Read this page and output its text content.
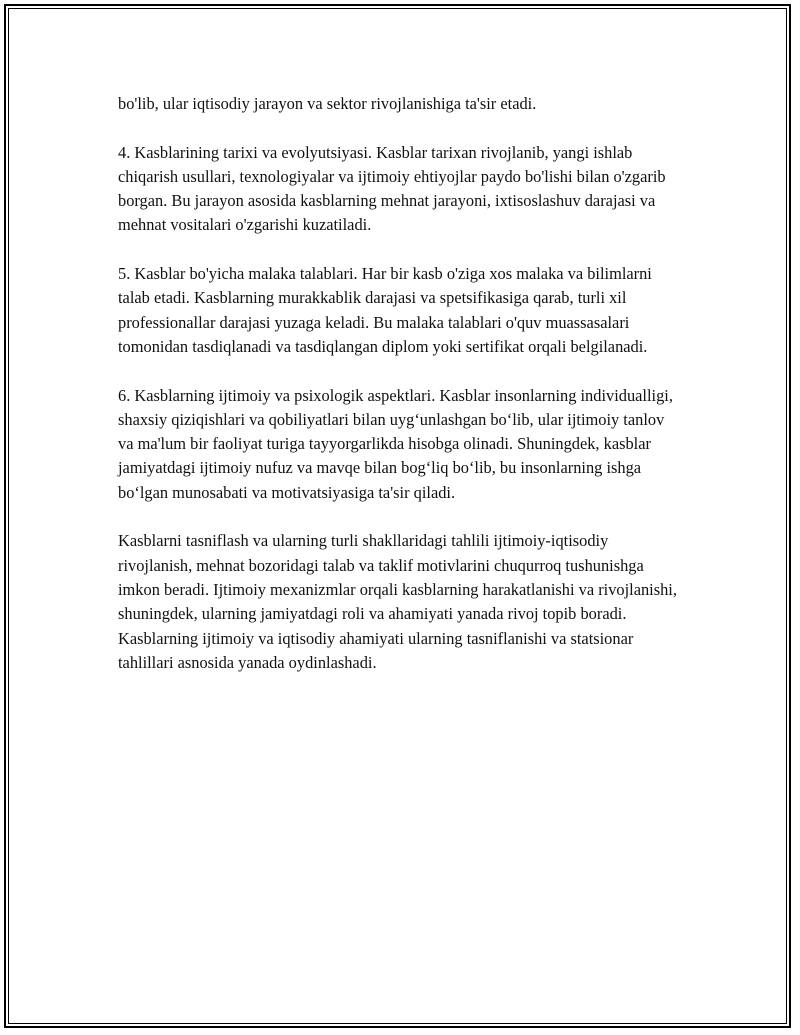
bo'lib, ular iqtisodiy jarayon va sektor rivojlanishiga ta'sir etadi.

4. Kasblarining tarixi va evolyutsiyasi. Kasblar tarixan rivojlanib, yangi ishlab chiqarish usullari, texnologiyalar va ijtimoiy ehtiyojlar paydo bo'lishi bilan o'zgarib borgan. Bu jarayon asosida kasblarning mehnat jarayoni, ixtisoslashuv darajasi va mehnat vositalari o'zgarishi kuzatiladi.

5. Kasblar bo'yicha malaka talablari. Har bir kasb o'ziga xos malaka va bilimlarni talab etadi. Kasblarning murakkablik darajasi va spetsifikasiga qarab, turli xil professionallar darajasi yuzaga keladi. Bu malaka talablari o'quv muassasalari tomonidan tasdiqlanadi va tasdiqlangan diplom yoki sertifikat orqali belgilanadi.

6. Kasblarning ijtimoiy va psixologik aspektlari. Kasblar insonlarning individualligi, shaxsiy qiziqishlari va qobiliyatlari bilan uyg‘unlashgan bo‘lib, ular ijtimoiy tanlov va ma'lum bir faoliyat turiga tayyorgarlikda hisobga olinadi. Shuningdek, kasblar jamiyatdagi ijtimoiy nufuz va mavqe bilan bog‘liq bo‘lib, bu insonlarning ishga bo‘lgan munosabati va motivatsiyasiga ta'sir qiladi.

Kasblarni tasniflash va ularning turli shakllaridagi tahlili ijtimoiy-iqtisodiy rivojlanish, mehnat bozoridagi talab va taklif motivlarini chuqurroq tushunishga imkon beradi. Ijtimoiy mexanizmlar orqali kasblarning harakatlanishi va rivojlanishi, shuningdek, ularning jamiyatdagi roli va ahamiyati yanada rivoj topib boradi. Kasblarning ijtimoiy va iqtisodiy ahamiyati ularning tasniflanishi va statsionar tahlillari asnosida yanada oydinlashadi.
